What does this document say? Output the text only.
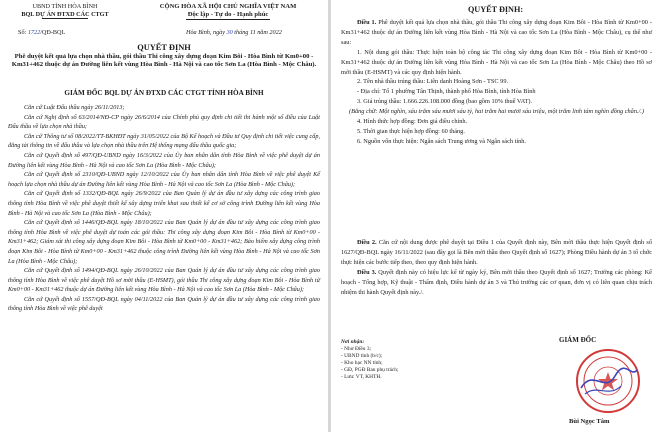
UBND TỈNH HÒA BÌNH
BQL DỰ ÁN ĐTXD CÁC CTGT
CỘNG HÒA XÃ HỘI CHỦ NGHĨA VIỆT NAM
Độc lập - Tự do - Hạnh phúc
Số: 1722/QĐ-BQL	Hòa Bình, ngày 30 tháng 11 năm 2022
QUYẾT ĐỊNH
Phê duyệt kết quả lựa chọn nhà thầu, gói thầu Thi công xây dựng đoạn Kim Bôi - Hòa Bình từ Km0+00 - Km31+462 thuộc dự án Đường liên kết vùng Hòa Bình - Hà Nội và cao tốc Sơn La (Hòa Bình - Mộc Châu).
GIÁM ĐỐC BQL DỰ ÁN ĐTXD CÁC CTGT TỈNH HÒA BÌNH

Căn cứ Luật Đấu thầu ngày 26/11/2013;

Căn cứ Nghị định số 63/2014/NĐ-CP ngày 26/6/2014 của Chính phủ quy định chi tiết thi hành một số điều của Luật Đấu thầu về lựa chọn nhà thầu;

Căn cứ Thông tư số 08/2022/TT-BKHĐT ngày 31/05/2022 của Bộ Kế hoạch và Đầu tư Quy định chi tiết việc cung cấp, đăng tải thông tin về đấu thầu và lựa chọn nhà thầu trên Hệ thống mạng đấu thầu quốc gia;

Căn cứ Quyết định số 497/QĐ-UBND ngày 16/3/2022 của Ủy ban nhân dân tỉnh Hòa Bình về việc phê duyệt dự án Đường liên kết vùng Hòa Bình - Hà Nội và cao tốc Sơn La (Hòa Bình - Mộc Châu);

Căn cứ Quyết định số 2310/QĐ-UBND ngày 12/10/2022 của Ủy ban nhân dân tỉnh Hòa Bình về việc phê duyệt Kế hoạch lựa chọn nhà thầu dự án Đường liên kết vùng Hòa Bình - Hà Nội và cao tốc Sơn La (Hòa Bình - Mộc Châu);

Căn cứ Quyết định số 1332/QĐ-BQL ngày 26/9/2022 của Ban Quản lý dự án đầu tư xây dựng các công trình giao thông tỉnh Hòa Bình về việc phê duyệt thiết kế xây dựng triển khai sau thiết kế cơ sở công trình Đường liên kết vùng Hòa Bình - Hà Nội và cao tốc Sơn La (Hòa Bình - Mộc Châu);

Căn cứ Quyết định số 1446/QĐ-BQL ngày 18/10/2022 của Ban Quản lý dự án đầu tư xây dựng các công trình giao thông tỉnh Hòa Bình về việc phê duyệt dự toán các gói thầu: Thi công xây dựng đoạn Kim Bôi - Hòa Bình từ Km0+00 - Km31+462; Giám sát thi công xây dựng đoạn Kim Bôi - Hòa Bình từ Km0+00 - Km31+462; Bảo hiểm xây dựng công trình đoạn Kim Bôi - Hòa Bình từ Km0+00 - Km31+462 thuộc công trình Đường liên kết vùng Hòa Bình - Hà Nội và cao tốc Sơn La (Hòa Bình - Mộc Châu);

Căn cứ Quyết định số 1494/QĐ-BQL ngày 26/10/2022 của Ban Quản lý dự án đầu tư xây dựng các công trình giao thông tỉnh Hòa Bình về việc phê duyệt Hồ sơ mời thầu (E-HSMT), gói thầu Thi công xây dựng đoạn Kim Bôi - Hòa Bình từ Km0+00 - Km31+462 thuộc dự án Đường liên kết vùng Hòa Bình - Hà Nội và cao tốc Sơn La (Hòa Bình - Mộc Châu);

Căn cứ Quyết định số 1557/QĐ-BQL ngày 04/11/2022 của Ban Quản lý dự án đầu tư xây dựng các công trình giao thông tỉnh Hòa Bình về việc phê duyệt

QUYẾT ĐỊNH:

Điều 1. Phê duyệt kết quả lựa chọn nhà thầu, gói thầu Thi công xây dựng đoạn Kim Bôi - Hòa Bình từ Km0+00 - Km31+462 thuộc dự án Đường liên kết vùng Hòa Bình - Hà Nội và cao tốc Sơn La (Hòa Bình - Mộc Châu), cụ thể như sau:

1. Nội dung gói thầu: Thực hiện toàn bộ công tác Thi công xây dựng đoạn Kim Bôi - Hòa Bình từ Km0+00 - Km31+462 thuộc dự án Đường liên kết vùng Hòa Bình - Hà Nội và cao tốc Sơn La (Hòa Bình - Mộc Châu) theo Hồ sơ mời thầu (E-HSMT) và các quy định hiện hành.

2. Tên nhà thầu trúng thầu: Liên danh Hoàng Sơn - TSC 99.

- Địa chỉ: Tổ 1 phường Tân Thịnh, thành phố Hòa Bình, tỉnh Hòa Bình

3. Giá trúng thầu: 1.666.226.108.000 đồng (bao gồm 10% thuế VAT).

(Bằng chữ: Một nghìn, sáu trăm sáu mươi sáu tỷ, hai trăm hai mươi sáu triệu, một trăm linh tám nghìn đồng chẵn./.)

4. Hình thức hợp đồng: Đơn giá điều chỉnh.

5. Thời gian thực hiện hợp đồng: 60 tháng.

6. Nguồn vốn thực hiện: Ngân sách Trung ương và Ngân sách tỉnh.

Điều 2. Căn cứ nội dung được phê duyệt tại Điều 1 của Quyết định này, Bên mời thầu thực hiện Quyết định số 1627/QĐ-BQL ngày 16/11/2022 (sau đây gọi là Bên mời thầu theo Quyết định số 1627); Phòng Điều hành dự án 3 tổ chức thực hiện các bước tiếp theo, theo quy định hiện hành.

Điều 3. Quyết định này có hiệu lực kể từ ngày ký, Bên mời thầu theo Quyết định số 1627; Trưởng các phòng: Kế hoạch - Tổng hợp, Kỹ thuật - Thẩm định, Điều hành dự án 3 và Thủ trưởng các cơ quan, đơn vị có liên quan chịu trách nhiệm thi hành Quyết định này./.

Nơi nhận:
- Như Điều 3;
- UBND tỉnh (b/c);
- Kho bạc NN tỉnh;
- GĐ, PGĐ Ban phụ trách;
- Lưu: VT, KHTH.
GIÁM ĐỐC
Bùi Ngọc Tâm
